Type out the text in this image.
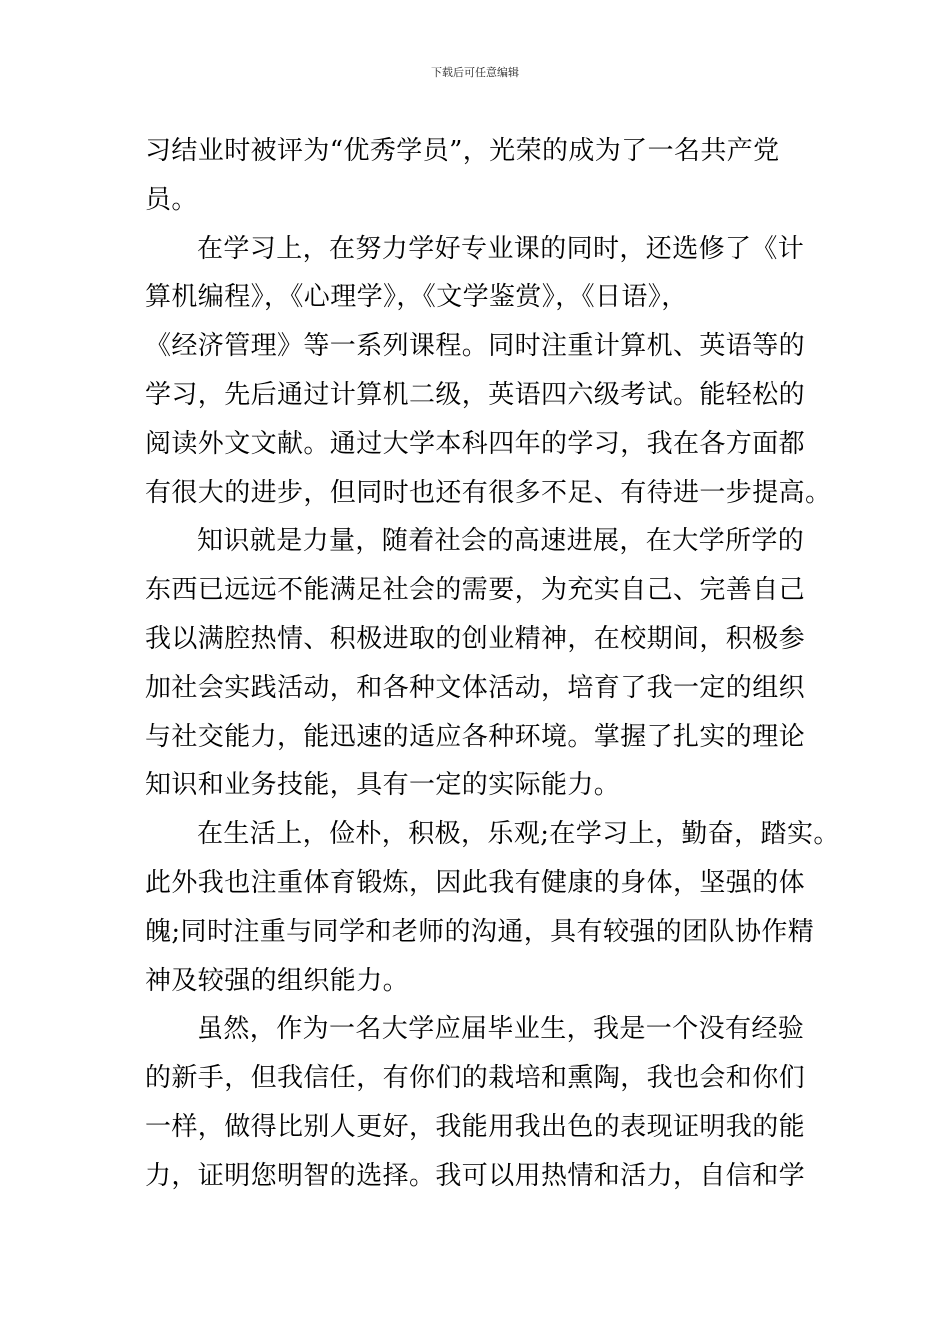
下载后可任意编辑
习结业时被评为“优秀学员”，光荣的成为了一名共产党
员。
在学习上，在努力学好专业课的同时，还选修了《计
算机编程》，《心理学》，《文学鉴赏》，《日语》，
《经济管理》等一系列课程。同时注重计算机、英语等的
学习，先后通过计算机二级，英语四六级考试。能轻松的
阅读外文文献。通过大学本科四年的学习，我在各方面都
有很大的进步，但同时也还有很多不足、有待进一步提高。
知识就是力量，随着社会的高速进展，在大学所学的
东西已远远不能满足社会的需要，为充实自己、完善自己
我以满腔热情、积极进取的创业精神，在校期间，积极参
加社会实践活动，和各种文体活动，培育了我一定的组织
与社交能力，能迅速的适应各种环境。掌握了扎实的理论
知识和业务技能，具有一定的实际能力。
在生活上，俭朴，积极，乐观;在学习上，勤奋，踏实。
此外我也注重体育锻炼，因此我有健康的身体，坚强的体
魄;同时注重与同学和老师的沟通，具有较强的团队协作精
神及较强的组织能力。
虽然，作为一名大学应届毕业生，我是一个没有经验
的新手，但我信任，有你们的栽培和熏陶，我也会和你们
一样，做得比别人更好，我能用我出色的表现证明我的能
力，证明您明智的选择。我可以用热情和活力，自信和学
